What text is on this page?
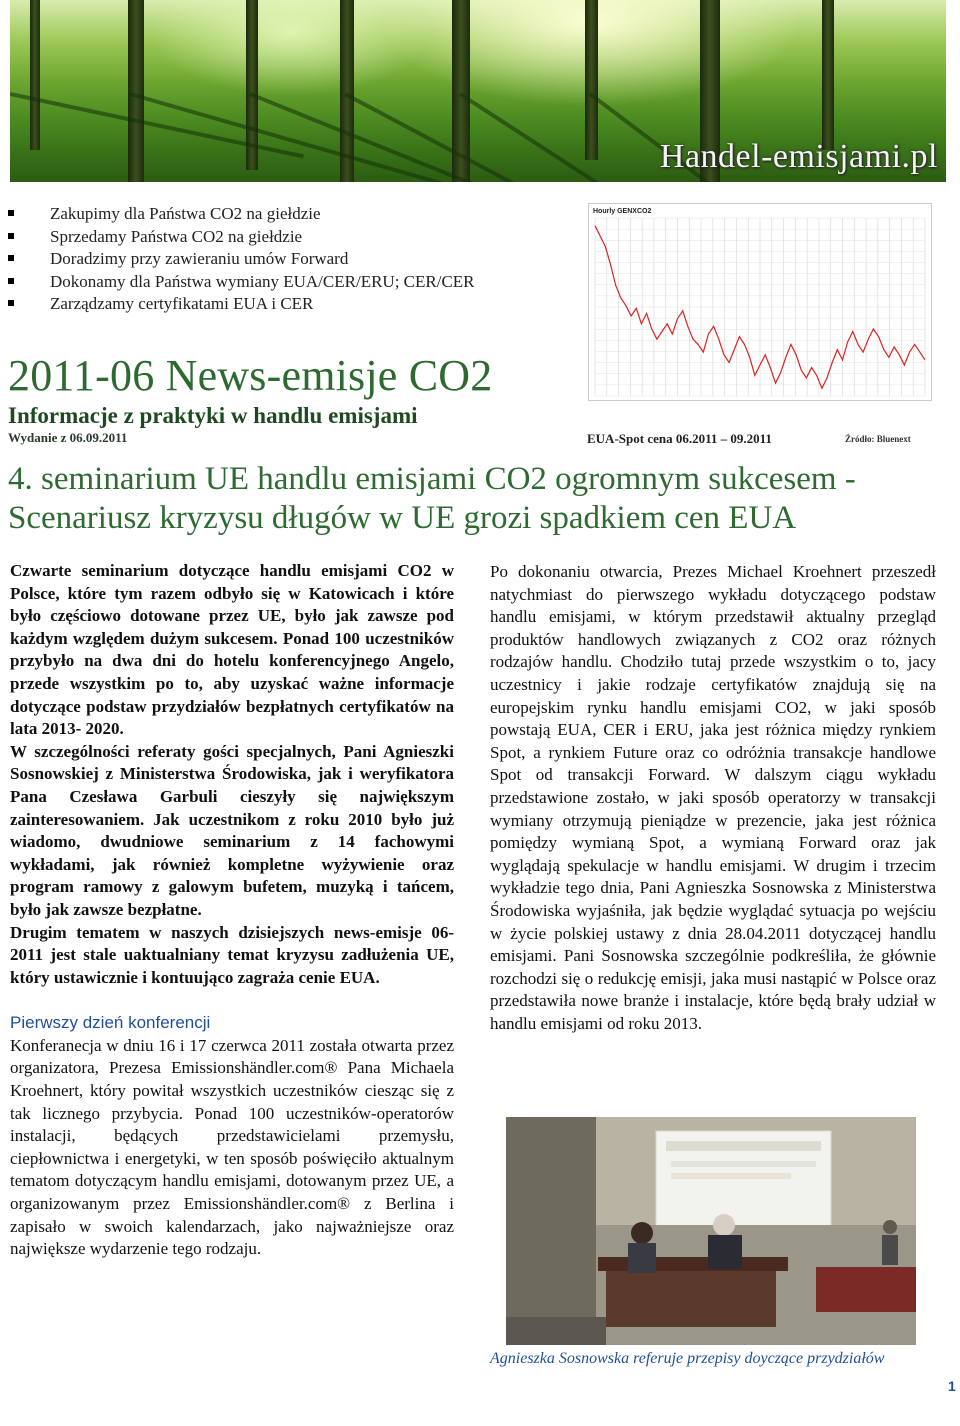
Handel-emisjami.pl
Zakupimy dla Państwa CO2 na giełdzie
Sprzedamy Państwa CO2 na giełdzie
Doradzimy przy zawieraniu umów Forward
Dokonamy dla Państwa wymiany EUA/CER/ERU; CER/CER
Zarządzamy certyfikatami EUA i CER
2011-06 News-emisje CO2
Informacje z praktyki w handlu emisjami
Wydanie z 06.09.2011
Hourly GENXCO2
EUA-Spot cena 06.2011 – 09.2011	Źródło: Bluenext
4. seminarium UE handlu emisjami CO2 ogromnym sukcesem - Scenariusz kryzysu długów w UE grozi spadkiem cen EUA

Czwarte seminarium dotyczące handlu emisjami CO2 w Polsce, które tym razem odbyło się w Katowicach i które było częściowo dotowane przez UE, było jak zawsze pod każdym względem dużym sukcesem. Ponad 100 uczestników przybyło na dwa dni do hotelu konferencyjnego Angelo, przede wszystkim po to, aby uzyskać ważne informacje dotyczące podstaw przydziałów bezpłatnych certyfikatów na lata 2013- 2020.

W szczególności referaty gości specjalnych, Pani Agnieszki Sosnowskiej z Ministerstwa Środowiska, jak i weryfikatora Pana Czesława Garbuli cieszyły się największym zainteresowaniem. Jak uczestnikom z roku 2010 było już wiadomo, dwudniowe seminarium z 14 fachowymi wykładami, jak również kompletne wyżywienie oraz program ramowy z galowym bufetem, muzyką i tańcem, było jak zawsze bezpłatne.

Drugim tematem w naszych dzisiejszych news-emisje 06-2011 jest stale uaktualniany temat kryzysu zadłużenia UE, który ustawicznie i kontuująco zagraża cenie EUA.

Pierwszy dzień konferencji

Konferanecja w dniu 16 i 17 czerwca 2011 została otwarta przez organizatora, Prezesa Emissionshändler.com® Pana Michaela Kroehnert, który powitał wszystkich uczestników ciesząc się z tak licznego przybycia. Ponad 100 uczestników-operatorów instalacji, będących przedstawicielami przemysłu, ciepłownictwa i energetyki, w ten sposób poświęciło aktualnym tematom dotyczącym handlu emisjami, dotowanym przez UE, a organizowanym przez Emissionshändler.com® z Berlina i zapisało w swoich kalendarzach, jako najważniejsze oraz największe wydarzenie tego rodzaju.

Po dokonaniu otwarcia, Prezes Michael Kroehnert przeszedł natychmiast do pierwszego wykładu dotyczącego podstaw handlu emisjami, w którym przedstawił aktualny przegląd produktów handlowych związanych z CO2 oraz różnych rodzajów handlu. Chodziło tutaj przede wszystkim o to, jacy uczestnicy i jakie rodzaje certyfikatów znajdują się na europejskim rynku handlu emisjami CO2, w jaki sposób powstają EUA, CER i ERU, jaka jest różnica między rynkiem Spot, a rynkiem Future oraz co odróżnia transakcje handlowe Spot od transakcji Forward. W dalszym ciągu wykładu przedstawione zostało, w jaki sposób operatorzy w transakcji wymiany otrzymują pieniądze w prezencie, jaka jest różnica pomiędzy wymianą Spot, a wymianą Forward oraz jak wyglądają spekulacje w handlu emisjami. W drugim i trzecim wykładzie tego dnia, Pani Agnieszka Sosnowska z Ministerstwa Środowiska wyjaśniła, jak będzie wyglądać sytuacja po wejściu w życie polskiej ustawy z dnia 28.04.2011 dotyczącej handlu emisjami. Pani Sosnowska szczególnie podkreśliła, że głównie rozchodzi się o redukcję emisji, jaka musi nastąpić w Polsce oraz przedstawiła nowe branże i instalacje, które będą brały udział w handlu emisjami od roku 2013.

Agnieszka Sosnowska referuje przepisy doyczące przydziałów
1
